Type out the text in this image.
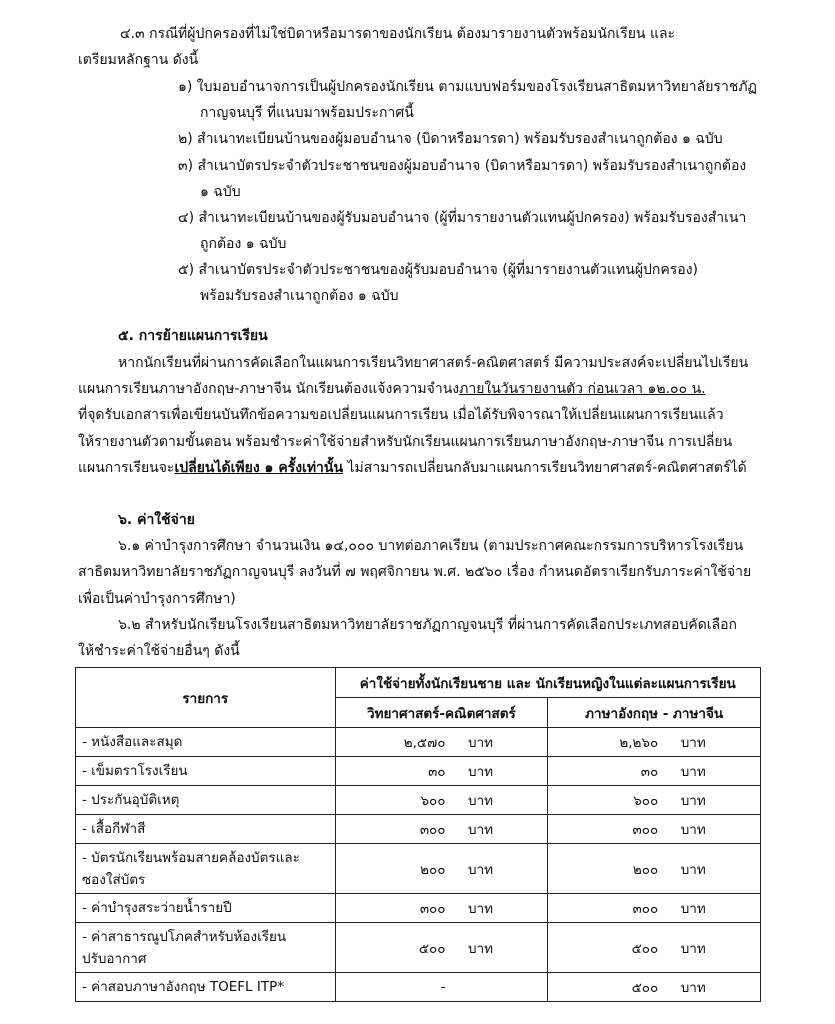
๔.๓ กรณีที่ผู้ปกครองที่ไม่ใช่บิดาหรือมารดาของนักเรียน ต้องมารายงานตัวพร้อมนักเรียน และ
เตรียมหลักฐาน ดังนี้
๑) ใบมอบอำนาจการเป็นผู้ปกครองนักเรียน ตามแบบฟอร์มของโรงเรียนสาธิตมหาวิทยาลัยราชภัฏ
กาญจนบุรี ที่แนบมาพร้อมประกาศนี้
๒) สำเนาทะเบียนบ้านของผู้มอบอำนาจ (บิดาหรือมารดา) พร้อมรับรองสำเนาถูกต้อง ๑ ฉบับ
๓) สำเนาบัตรประจำตัวประชาชนของผู้มอบอำนาจ (บิดาหรือมารดา) พร้อมรับรองสำเนาถูกต้อง
๑ ฉบับ
๔) สำเนาทะเบียนบ้านของผู้รับมอบอำนาจ (ผู้ที่มารายงานตัวแทนผู้ปกครอง) พร้อมรับรองสำเนา
ถูกต้อง ๑ ฉบับ
๕) สำเนาบัตรประจำตัวประชาชนของผู้รับมอบอำนาจ (ผู้ที่มารายงานตัวแทนผู้ปกครอง)
พร้อมรับรองสำเนาถูกต้อง ๑ ฉบับ
๕. การย้ายแผนการเรียน
หากนักเรียนที่ผ่านการคัดเลือกในแผนการเรียนวิทยาศาสตร์-คณิตศาสตร์ มีความประสงค์จะเปลี่ยนไปเรียน
แผนการเรียนภาษาอังกฤษ-ภาษาจีน นักเรียนต้องแจ้งความจำนงภายในวันรายงานตัว ก่อนเวลา ๑๒.๐๐ น.
ที่จุดรับเอกสารเพื่อเขียนบันทึกข้อความขอเปลี่ยนแผนการเรียน เมื่อได้รับพิจารณาให้เปลี่ยนแผนการเรียนแล้ว
ให้รายงานตัวตามขั้นตอน พร้อมชำระค่าใช้จ่ายสำหรับนักเรียนแผนการเรียนภาษาอังกฤษ-ภาษาจีน การเปลี่ยน
แผนการเรียนจะเปลี่ยนได้เพียง ๑ ครั้งเท่านั้น ไม่สามารถเปลี่ยนกลับมาแผนการเรียนวิทยาศาสตร์-คณิตศาสตร์ได้
๖. ค่าใช้จ่าย
๖.๑ ค่าบำรุงการศึกษา จำนวนเงิน ๑๔,๐๐๐ บาทต่อภาคเรียน (ตามประกาศคณะกรรมการบริหารโรงเรียน
สาธิตมหาวิทยาลัยราชภัฏกาญจนบุรี ลงวันที่ ๗ พฤศจิกายน พ.ศ. ๒๕๖๐ เรื่อง กำหนดอัตราเรียกรับภาระค่าใช้จ่าย
เพื่อเป็นค่าบำรุงการศึกษา)
๖.๒ สำหรับนักเรียนโรงเรียนสาธิตมหาวิทยาลัยราชภัฏกาญจนบุรี ที่ผ่านการคัดเลือกประเภทสอบคัดเลือก
ให้ชำระค่าใช้จ่ายอื่นๆ ดังนี้
รายการ	ค่าใช้จ่ายทั้งนักเรียนชาย และ นักเรียนหญิงในแต่ละแผนการเรียน	
	วิทยาศาสตร์-คณิตศาสตร์	ภาษาอังกฤษ - ภาษาจีน

- หนังสือและสมุด	๒,๕๗๐ บาท	๒,๒๖๐ บาท

- เข็มตราโรงเรียน	๓๐ บาท	๓๐ บาท

- ประกันอุบัติเหตุ	๖๐๐ บาท	๖๐๐ บาท

- เสื้อกีฬาสี	๓๐๐ บาท	๓๐๐ บาท

- บัตรนักเรียนพร้อมสายคล้องบัตรและ
ซองใส่บัตร	๒๐๐ บาท	๒๐๐ บาท

- ค่าบำรุงสระว่ายน้ำรายปี	๓๐๐ บาท	๓๐๐ บาท

- ค่าสาธารณูปโภคสำหรับห้องเรียน
ปรับอากาศ	๕๐๐ บาท	๕๐๐ บาท

- ค่าสอบภาษาอังกฤษ TOEFL ITP*	-	๕๐๐ บาท
